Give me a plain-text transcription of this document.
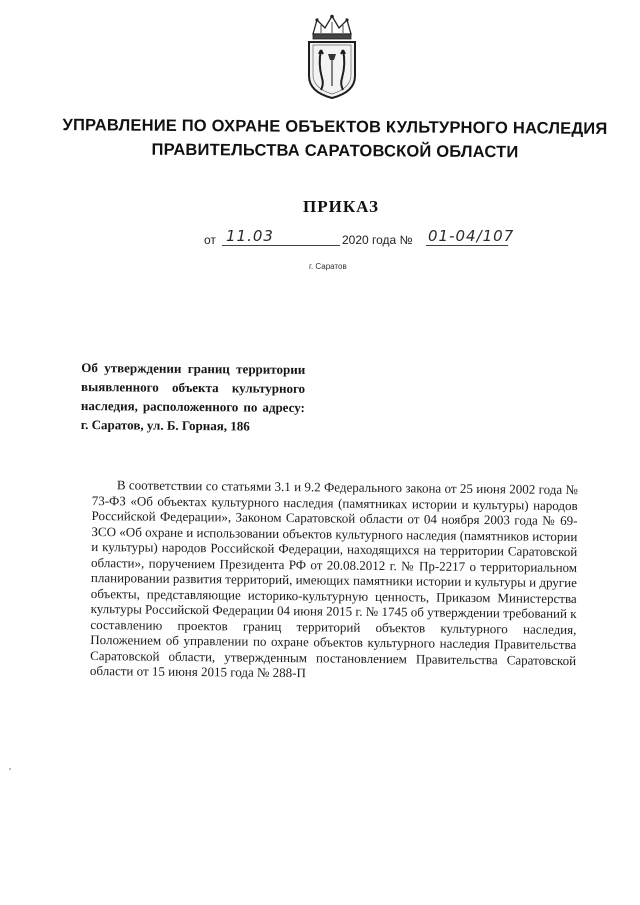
УПРАВЛЕНИЕ ПО ОХРАНЕ ОБЪЕКТОВ КУЛЬТУРНОГО НАСЛЕДИЯ
ПРАВИТЕЛЬСТВА САРАТОВСКОЙ ОБЛАСТИ
ПРИКАЗ
от 11.03	2020 года № 01-04/107
г. Саратов
Об утверждении границ территории выявленного объекта культурного наследия, расположенного по адресу: г. Саратов, ул. Б. Горная, 186
В соответствии со статьями 3.1 и 9.2 Федерального закона от 25 июня 2002 года № 73-ФЗ «Об объектах культурного наследия (памятниках истории и культуры) народов Российской Федерации», Законом Саратовской области от 04 ноября 2003 года № 69-ЗСО «Об охране и использовании объектов культурного наследия (памятников истории и культуры) народов Российской Федерации, находящихся на территории Саратовской области», поручением Президента РФ от 20.08.2012 г. № Пр-2217 о территориальном планировании развития территорий, имеющих памятники истории и культуры и другие объекты, представляющие историко-культурную ценность, Приказом Министерства культуры Российской Федерации 04 июня 2015 г. № 1745 об утверждении требований к составлению проектов границ территорий объектов культурного наследия, Положением об управлении по охране объектов культурного наследия Правительства Саратовской области, утвержденным постановлением Правительства Саратовской области от 15 июня 2015 года № 288-П
